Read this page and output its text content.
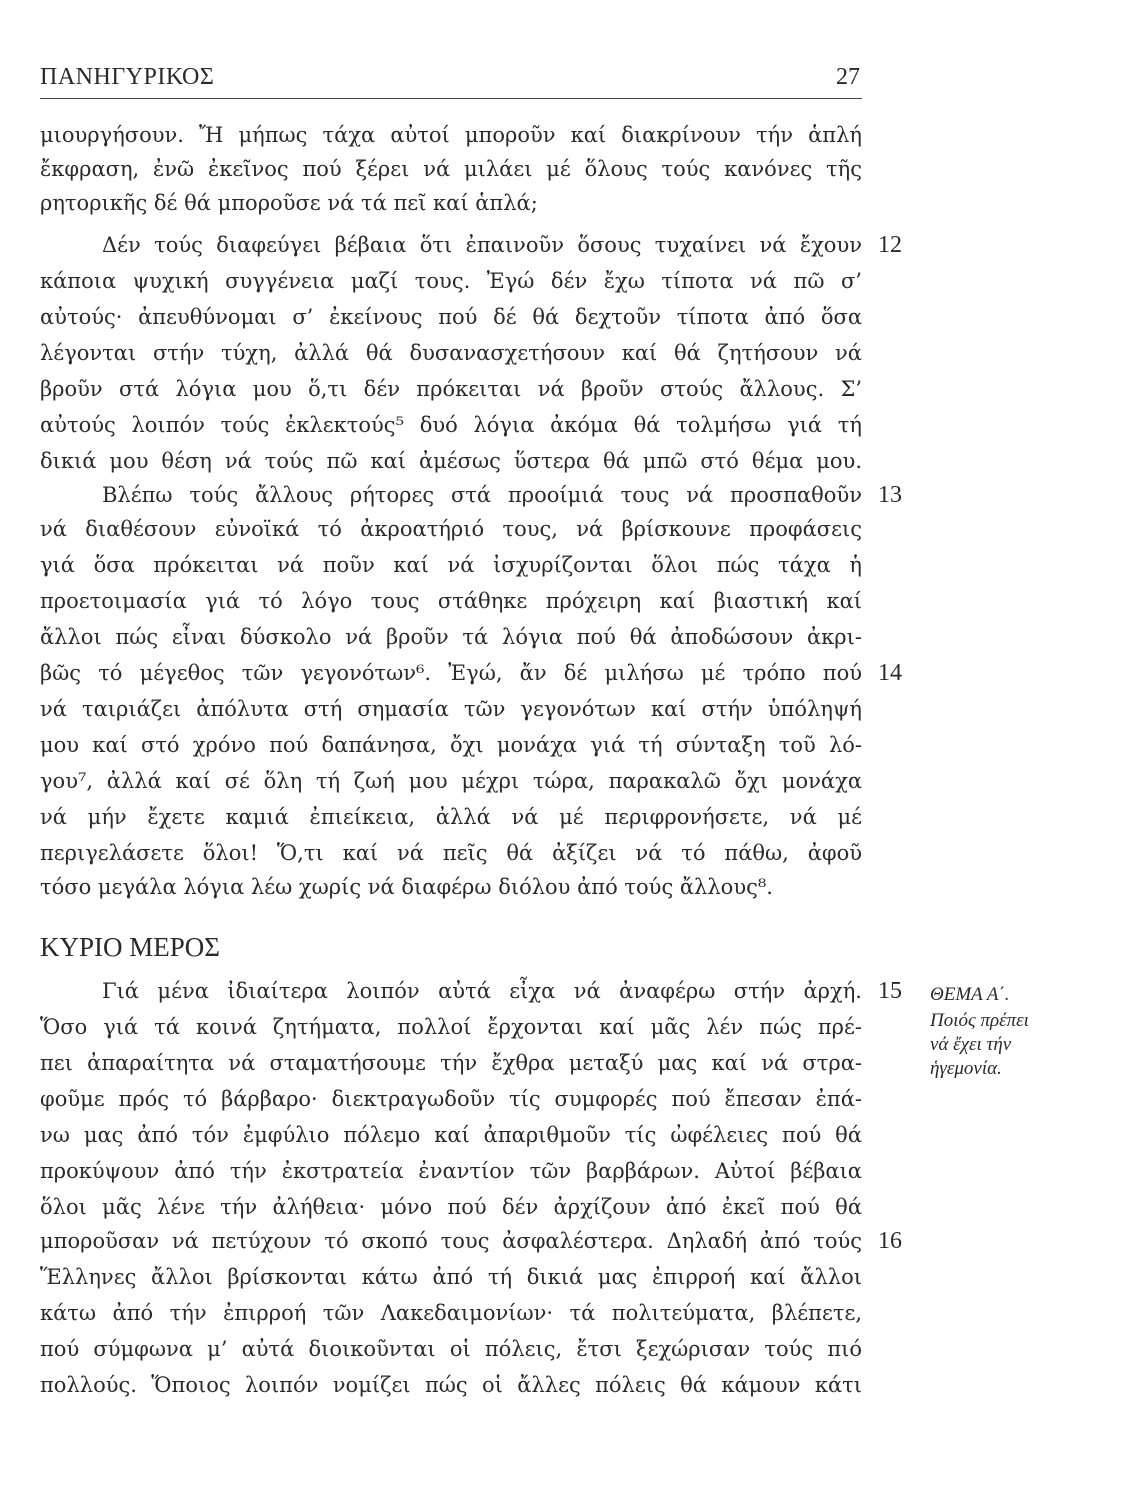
ΠΑΝΗΓΥΡΙΚΟΣ	27
μιουργήσουν. Ἤ μήπως τάχα αὐτοί μποροῦν καί διακρίνουν τήν ἁπλή
ἔκφραση, ἐνῶ ἐκεῖνος πού ξέρει νά μιλάει μέ ὅλους τούς κανόνες τῆς
ρητορικῆς δέ θά μποροῦσε νά τά πεῖ καί ἁπλά;
Δέν τούς διαφεύγει βέβαια ὅτι ἐπαινοῦν ὅσους τυχαίνει νά ἔχουν
κάποια ψυχική συγγένεια μαζί τους. Ἐγώ δέν ἔχω τίποτα νά πῶ σ’
αὐτούς· ἀπευθύνομαι σ’ ἐκείνους πού δέ θά δεχτοῦν τίποτα ἀπό ὅσα
λέγονται στήν τύχη, ἀλλά θά δυσανασχετήσουν καί θά ζητήσουν νά
βροῦν στά λόγια μου ὅ,τι δέν πρόκειται νά βροῦν στούς ἄλλους. Σ’
αὐτούς λοιπόν τούς ἐκλεκτούς⁵ δυό λόγια ἀκόμα θά τολμήσω γιά τή
δικιά μου θέση νά τούς πῶ καί ἀμέσως ὕστερα θά μπῶ στό θέμα μου.
Βλέπω τούς ἄλλους ρήτορες στά προοίμιά τους νά προσπαθοῦν
νά διαθέσουν εὐνοϊκά τό ἀκροατήριό τους, νά βρίσκουνε προφάσεις
γιά ὅσα πρόκειται νά ποῦν καί νά ἰσχυρίζονται ὅλοι πώς τάχα ἡ
προετοιμασία γιά τό λόγο τους στάθηκε πρόχειρη καί βιαστική καί
ἄλλοι πώς εἶναι δύσκολο νά βροῦν τά λόγια πού θά ἀποδώσουν ἀκρι-
βῶς τό μέγεθος τῶν γεγονότων⁶. Ἐγώ, ἄν δέ μιλήσω μέ τρόπο πού
νά ταιριάζει ἀπόλυτα στή σημασία τῶν γεγονότων καί στήν ὑπόληψή
μου καί στό χρόνο πού δαπάνησα, ὄχι μονάχα γιά τή σύνταξη τοῦ λό-
γου⁷, ἀλλά καί σέ ὅλη τή ζωή μου μέχρι τώρα, παρακαλῶ ὄχι μονάχα
νά μήν ἔχετε καμιά ἐπιείκεια, ἀλλά νά μέ περιφρονήσετε, νά μέ
περιγελάσετε ὅλοι! Ὅ,τι καί νά πεῖς θά ἀξίζει νά τό πάθω, ἀφοῦ
τόσο μεγάλα λόγια λέω χωρίς νά διαφέρω διόλου ἀπό τούς ἄλλους⁸.
ΚΥΡΙΟ ΜΕΡΟΣ
Γιά μένα ἰδιαίτερα λοιπόν αὐτά εἶχα νά ἀναφέρω στήν ἀρχή.
Ὅσο γιά τά κοινά ζητήματα, πολλοί ἔρχονται καί μᾶς λέν πώς πρέ-
πει ἀπαραίτητα νά σταματήσουμε τήν ἔχθρα μεταξύ μας καί νά στρα-
φοῦμε πρός τό βάρβαρο· διεκτραγωδοῦν τίς συμφορές πού ἔπεσαν ἐπά-
νω μας ἀπό τόν ἐμφύλιο πόλεμο καί ἀπαριθμοῦν τίς ὠφέλειες πού θά
προκύψουν ἀπό τήν ἐκστρατεία ἐναντίον τῶν βαρβάρων. Αὐτοί βέβαια
ὅλοι μᾶς λένε τήν ἀλήθεια· μόνο πού δέν ἀρχίζουν ἀπό ἐκεῖ πού θά
μποροῦσαν νά πετύχουν τό σκοπό τους ἀσφαλέστερα. Δηλαδή ἀπό τούς
Ἕλληνες ἄλλοι βρίσκονται κάτω ἀπό τή δικιά μας ἐπιρροή καί ἄλλοι
κάτω ἀπό τήν ἐπιρροή τῶν Λακεδαιμονίων· τά πολιτεύματα, βλέπετε,
πού σύμφωνα μ’ αὐτά διοικοῦνται οἱ πόλεις, ἔτσι ξεχώρισαν τούς πιό
πολλούς. Ὅποιος λοιπόν νομίζει πώς οἱ ἄλλες πόλεις θά κάμουν κάτι
12
13
14
15
16
ΘΕΜΑ Α΄.
Ποιός πρέπει
νά ἔχει τήν
ἡγεμονία.
